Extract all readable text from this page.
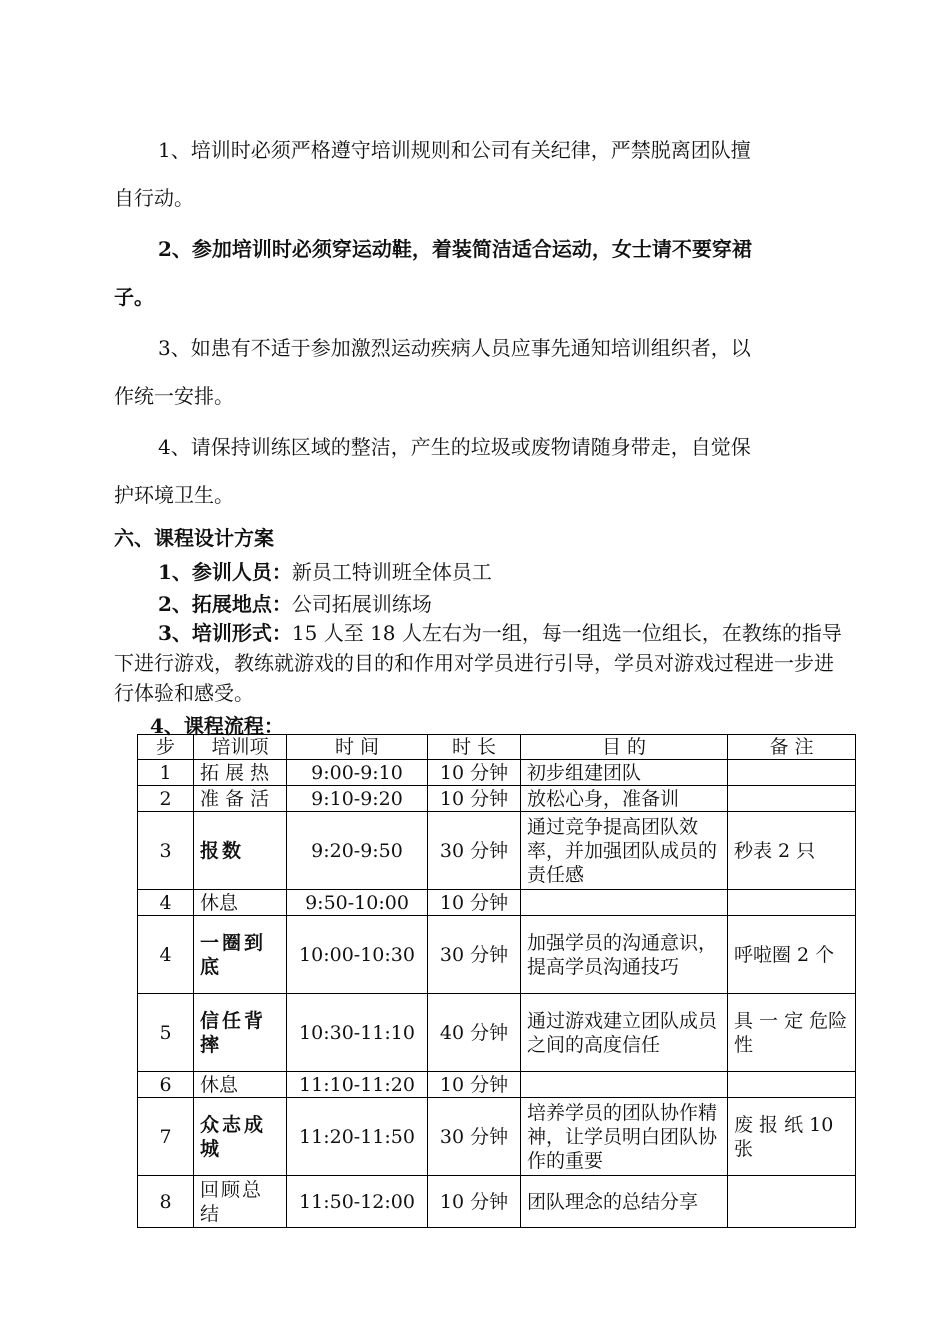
1、培训时必须严格遵守培训规则和公司有关纪律，严禁脱离团队擅
自行动。
2、参加培训时必须穿运动鞋，着装简洁适合运动，女士请不要穿裙
子。
3、如患有不适于参加激烈运动疾病人员应事先通知培训组织者，以
作统一安排。
4、请保持训练区域的整洁，产生的垃圾或废物请随身带走，自觉保
护环境卫生。
六、课程设计方案
1、参训人员：新员工特训班全体员工
2、拓展地点：公司拓展训练场
3、培训形式：15 人至 18 人左右为一组，每一组选一位组长，在教练的指导下进行游戏，教练就游戏的目的和作用对学员进行引导，学员对游戏过程进一步进行体验和感受。
4、课程流程：
步	培训项	时 间	时 长	目 的	备 注
1	拓 展 热	9:00-9:10	10 分钟	初步组建团队	
2	准 备 活	9:10-9:20	10 分钟	放松心身，准备训	

3	报数	9:20-9:50	30 分钟	通过竞争提高团队效率，并加强团队成员的责任感	秒表 2 只
4	休息	9:50-10:00	10 分钟		
4	一圈到底	10:00-10:30	30 分钟	加强学员的沟通意识，提高学员沟通技巧	呼啦圈 2 个
5	信任背摔	10:30-11:10	40 分钟	通过游戏建立团队成员
之间的高度信任	具 一 定 危险性
6	休息	11:10-11:20	10 分钟		
7	众志成城	11:20-11:50	30 分钟	培养学员的团队协作精神，让学员明白团队协作的重要	废 报 纸 10 张
8	回顾总结	11:50-12:00	10 分钟	团队理念的总结分享	
